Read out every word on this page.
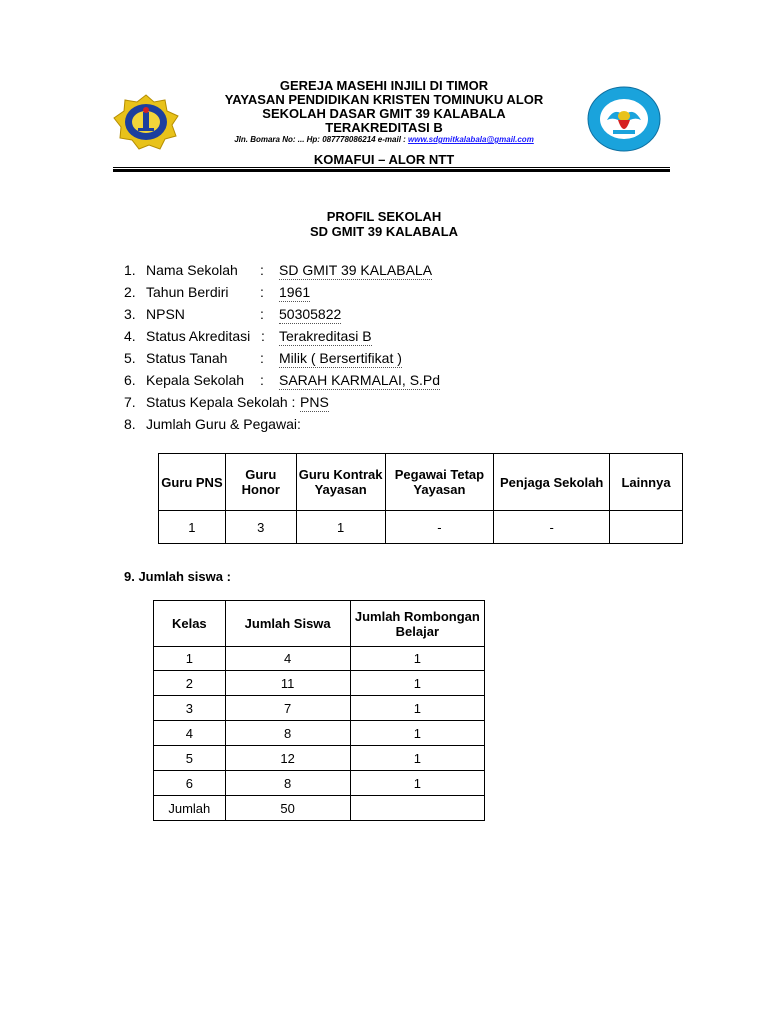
GEREJA MASEHI INJILI DI TIMOR
YAYASAN PENDIDIKAN KRISTEN TOMINUKU ALOR
SEKOLAH DASAR GMIT 39 KALABALA
TERAKREDITASI B
Jln. Bomara No: ... Hp: 087778086214 e-mail : www.sdgmitkalabala@gmail.com
KOMAFUI – ALOR NTT
PROFIL SEKOLAH
SD GMIT 39 KALABALA
1. Nama Sekolah : SD GMIT 39 KALABALA
2. Tahun Berdiri : 1961
3. NPSN	: 50305822
4. Status Akreditasi : Terakreditasi B
5. Status Tanah : Milik ( Bersertifikat )
6. Kepala Sekolah : SARAH KARMALAI, S.Pd
7. Status Kepala Sekolah : PNS
8. Jumlah Guru & Pegawai:
Guru PNS	Guru Honor	Guru Kontrak Yayasan	Pegawai Tetap Yayasan	Penjaga Sekolah	Lainnya
1	3	1	-	-	
9. Jumlah siswa :
Kelas	Jumlah Siswa	Jumlah Rombongan Belajar
1	4	1
2	11	1
3	7	1
4	8	1
5	12	1
6	8	1
Jumlah	50	
